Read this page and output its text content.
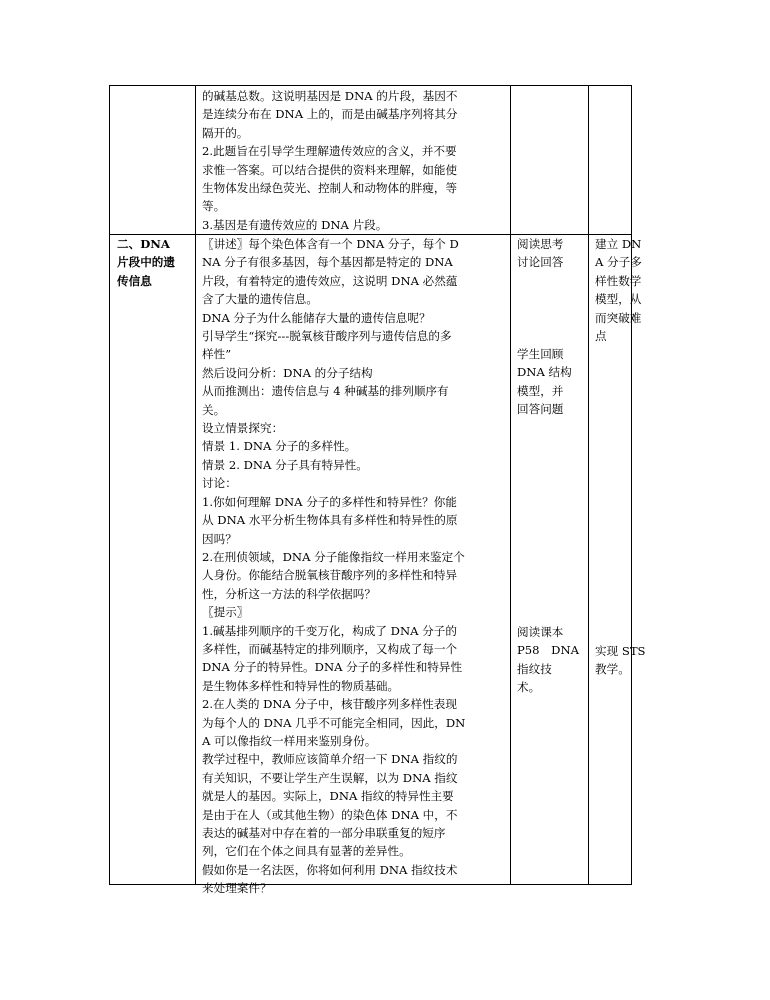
的碱基总数。这说明基因是 DNA 的片段，基因不

是连续分布在 DNA 上的，而是由碱基序列将其分

隔开的。

2.此题旨在引导学生理解遗传效应的含义，并不要

求惟一答案。可以结合提供的资料来理解，如能使

生物体发出绿色荧光、控制人和动物体的胖瘦，等

等。

3.基因是有遗传效应的 DNA 片段。

二、DNA

片段中的遗

传信息

〖讲述〗每个染色体含有一个 DNA 分子，每个 D

NA 分子有很多基因，每个基因都是特定的 DNA

片段，有着特定的遗传效应，这说明 DNA 必然蕴

含了大量的遗传信息。

DNA 分子为什么能储存大量的遗传信息呢？

引导学生“探究---脱氧核苷酸序列与遗传信息的多

样性”

然后设问分析：DNA 的分子结构

从而推测出：遗传信息与 4 种碱基的排列顺序有

关。

设立情景探究：

情景 1. DNA 分子的多样性。

情景 2. DNA 分子具有特异性。

讨论：

1.你如何理解 DNA 分子的多样性和特异性？你能

从 DNA 水平分析生物体具有多样性和特异性的原

因吗？

2.在刑侦领域，DNA 分子能像指纹一样用来鉴定个

人身份。你能结合脱氧核苷酸序列的多样性和特异

性，分析这一方法的科学依据吗？

〖提示〗

1.碱基排列顺序的千变万化，构成了 DNA 分子的

多样性，而碱基特定的排列顺序，又构成了每一个

DNA 分子的特异性。DNA 分子的多样性和特异性

是生物体多样性和特异性的物质基础。

2.在人类的 DNA 分子中，核苷酸序列多样性表现

为每个人的 DNA 几乎不可能完全相同，因此，DN

A 可以像指纹一样用来鉴别身份。

教学过程中，教师应该简单介绍一下 DNA 指纹的

有关知识，不要让学生产生误解，以为 DNA 指纹

就是人的基因。实际上，DNA 指纹的特异性主要

是由于在人（或其他生物）的染色体 DNA 中，不

表达的碱基对中存在着的一部分串联重复的短序

列，它们在个体之间具有显著的差异性。

假如你是一名法医，你将如何利用 DNA 指纹技术

来处理案件？

阅读思考

讨论回答

学生回顾

DNA 结构

模型，并

回答问题

阅读课本

P58　DNA

指纹技

术。

建立 DN

A 分子多

样性数学

模型，从

而突破难

点

实现 STS

教学。
